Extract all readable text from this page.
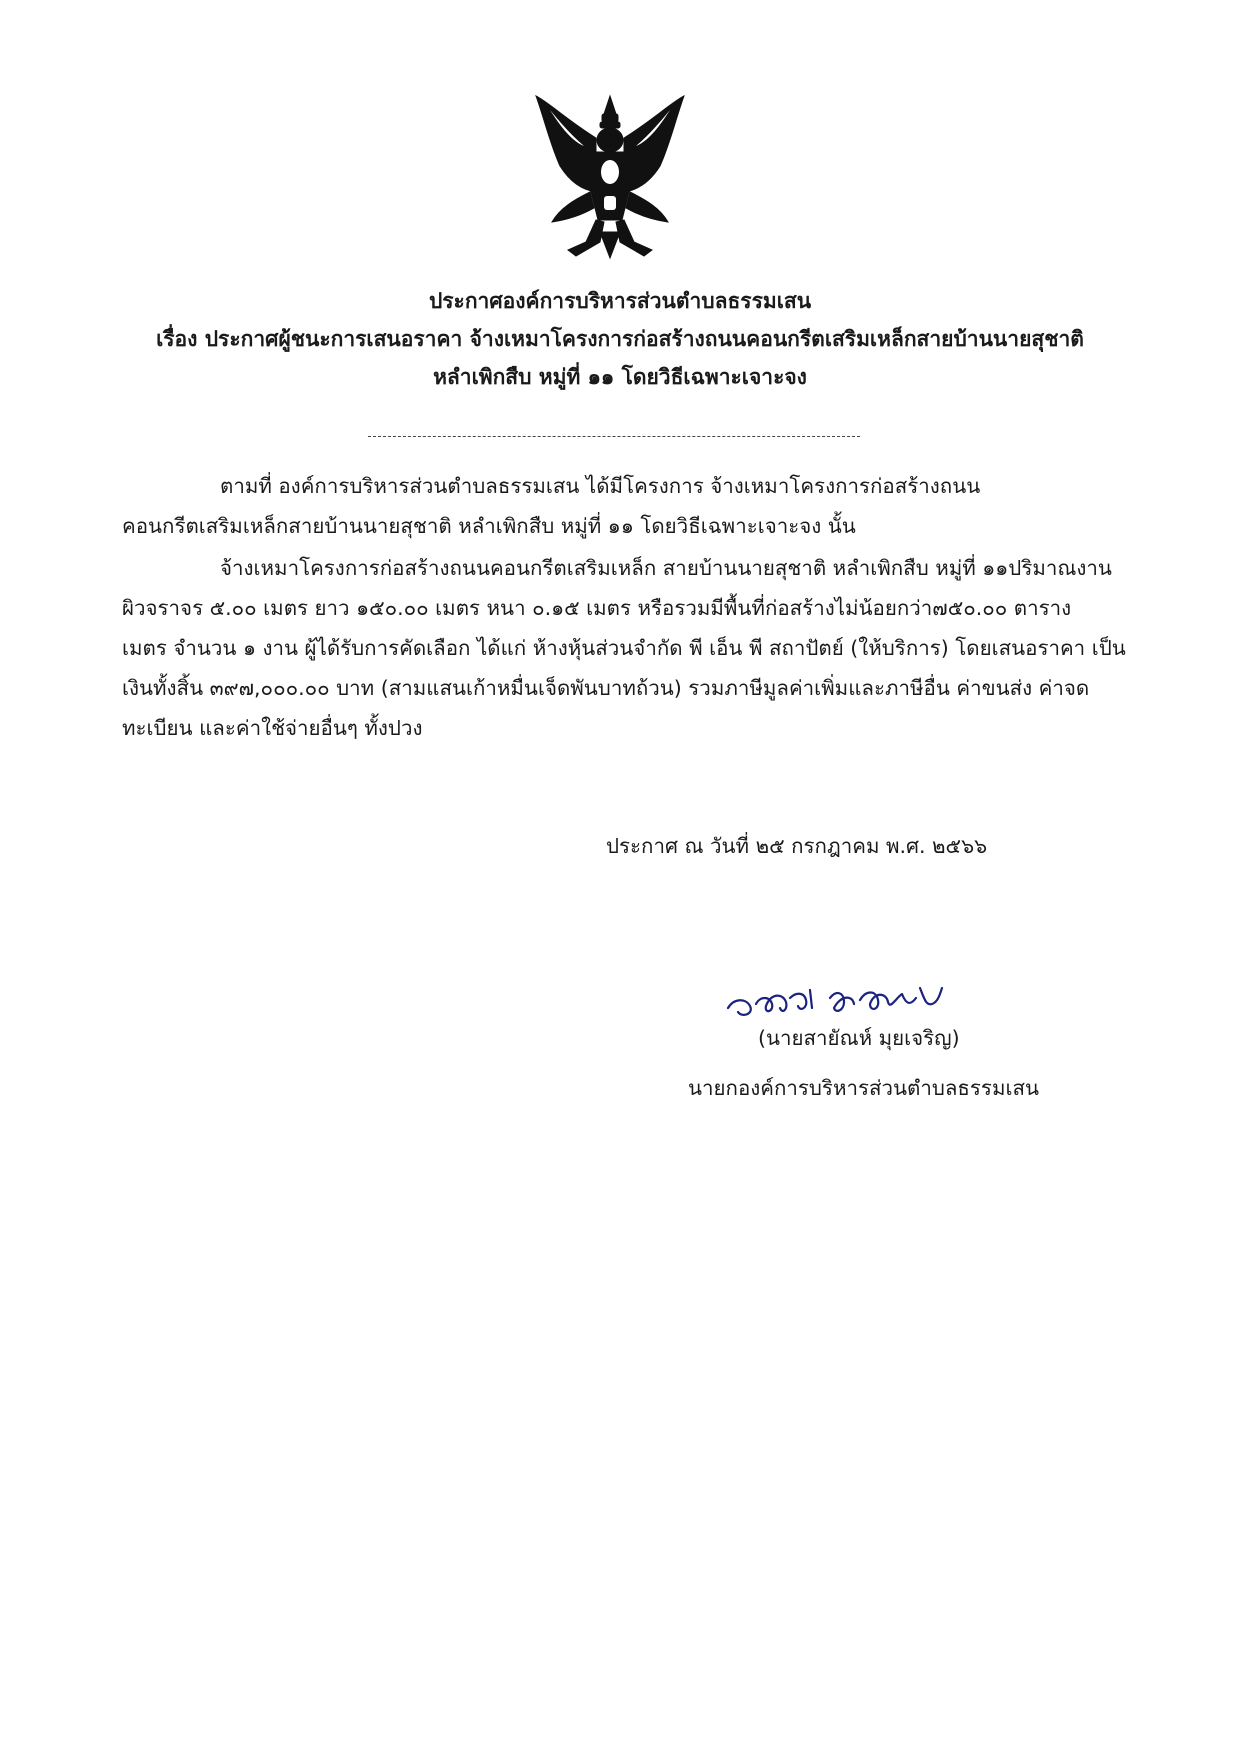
ประกาศองค์การบริหารส่วนตำบลธรรมเสน
เรื่อง ประกาศผู้ชนะการเสนอราคา จ้างเหมาโครงการก่อสร้างถนนคอนกรีตเสริมเหล็กสายบ้านนายสุชาติ
หลำเพิกสืบ หมู่ที่ ๑๑ โดยวิธีเฉพาะเจาะจง
ตามที่ องค์การบริหารส่วนตำบลธรรมเสน ได้มีโครงการ จ้างเหมาโครงการก่อสร้างถนน
คอนกรีตเสริมเหล็กสายบ้านนายสุชาติ หลำเพิกสืบ หมู่ที่ ๑๑ โดยวิธีเฉพาะเจาะจง นั้น
จ้างเหมาโครงการก่อสร้างถนนคอนกรีตเสริมเหล็ก สายบ้านนายสุชาติ หลำเพิกสืบ หมู่ที่ ๑๑ปริมาณงาน
ผิวจราจร ๕.๐๐ เมตร ยาว ๑๕๐.๐๐ เมตร หนา ๐.๑๕ เมตร หรือรวมมีพื้นที่ก่อสร้างไม่น้อยกว่า๗๕๐.๐๐ ตาราง
เมตร จำนวน ๑ งาน ผู้ได้รับการคัดเลือก ได้แก่ ห้างหุ้นส่วนจำกัด พี เอ็น พี สถาปัตย์ (ให้บริการ) โดยเสนอราคา เป็น
เงินทั้งสิ้น ๓๙๗,๐๐๐.๐๐ บาท (สามแสนเก้าหมื่นเจ็ดพันบาทถ้วน) รวมภาษีมูลค่าเพิ่มและภาษีอื่น ค่าขนส่ง ค่าจด
ทะเบียน และค่าใช้จ่ายอื่นๆ ทั้งปวง
ประกาศ ณ วันที่ ๒๕ กรกฎาคม พ.ศ. ๒๕๖๖
(นายสายัณห์ มุยเจริญ)
นายกองค์การบริหารส่วนตำบลธรรมเสน
